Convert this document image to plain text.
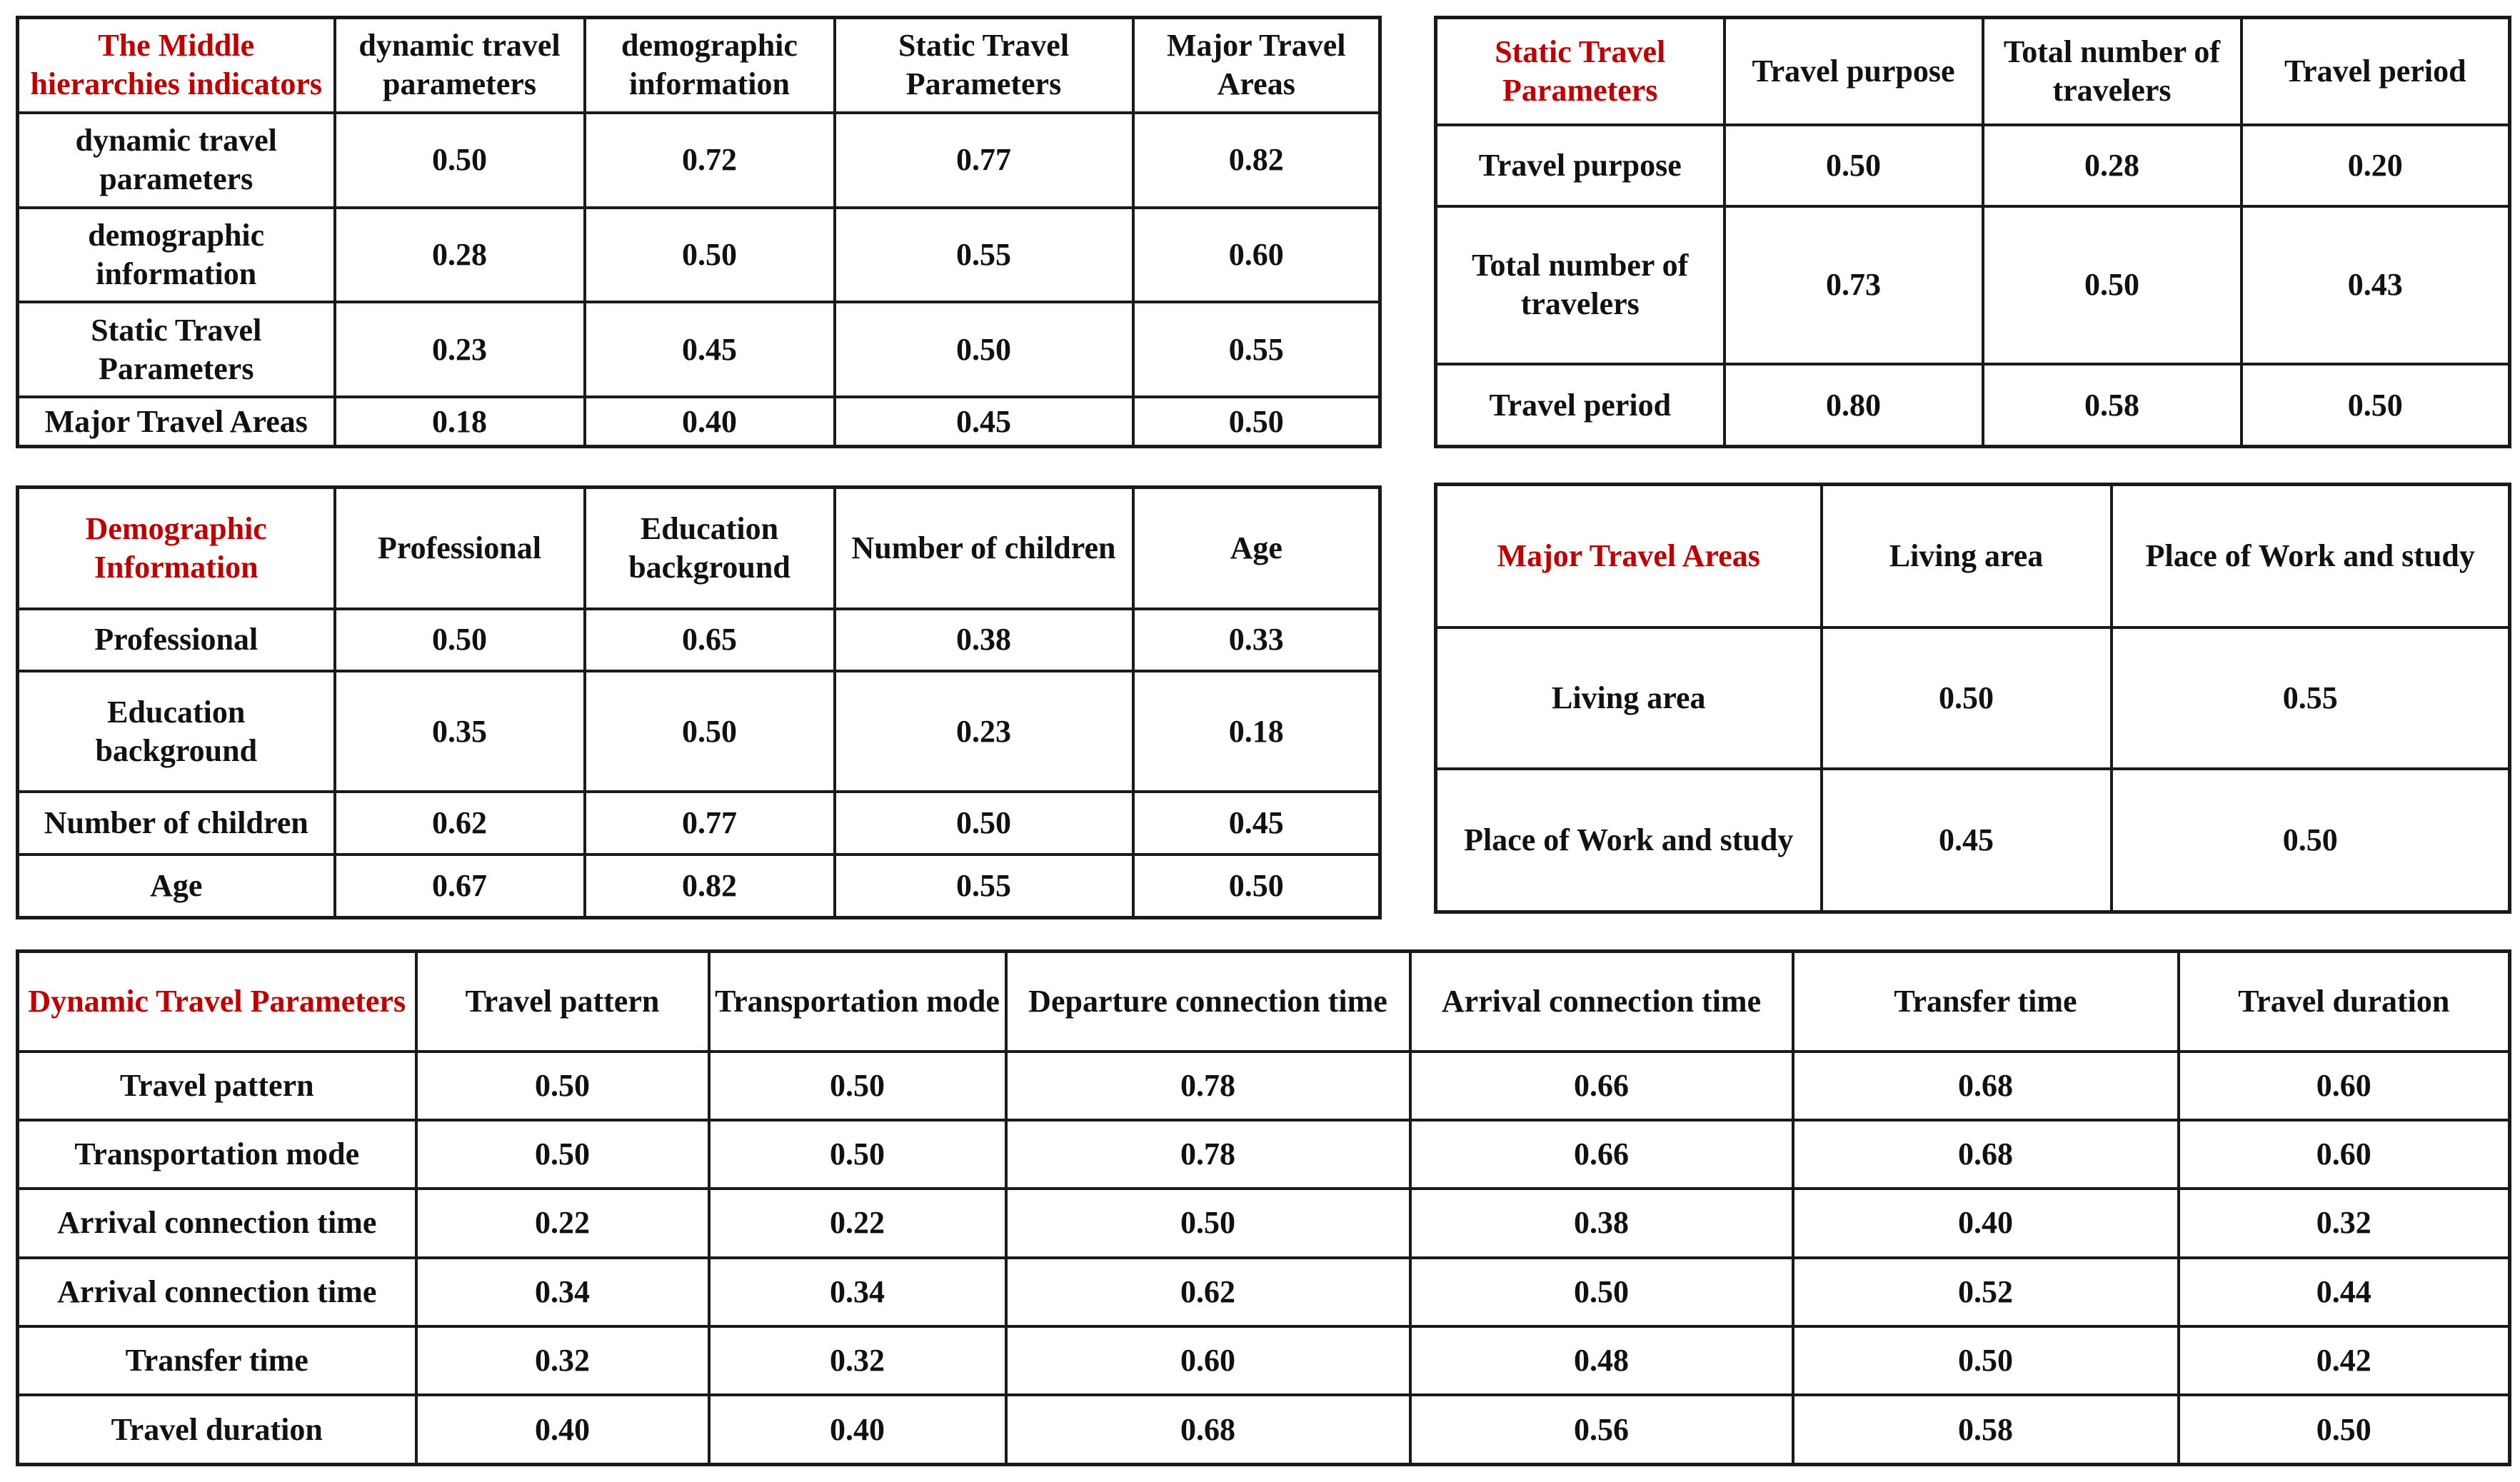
The Middle hierarchies indicators	dynamic travel parameters	demographic information	Static Travel Parameters	Major Travel Areas
dynamic travel parameters	0.50	0.72	0.77	0.82
demographic information	0.28	0.50	0.55	0.60
Static Travel Parameters	0.23	0.45	0.50	0.55
Major Travel Areas	0.18	0.40	0.45	0.50
Static Travel Parameters	Travel purpose	Total number of travelers	Travel period
Travel purpose	0.50	0.28	0.20
Total number of travelers	0.73	0.50	0.43
Travel period	0.80	0.58	0.50
Demographic Information	Professional	Education background	Number of children	Age
Professional	0.50	0.65	0.38	0.33
Education background	0.35	0.50	0.23	0.18
Number of children	0.62	0.77	0.50	0.45
Age	0.67	0.82	0.55	0.50
Major Travel Areas	Living area	Place of Work and study
Living area	0.50	0.55
Place of Work and study	0.45	0.50
Dynamic Travel Parameters	Travel pattern	Transportation mode	Departure connection time	Arrival connection time	Transfer time	Travel duration
Travel pattern	0.50	0.50	0.78	0.66	0.68	0.60
Transportation mode	0.50	0.50	0.78	0.66	0.68	0.60
Arrival connection time	0.22	0.22	0.50	0.38	0.40	0.32
Arrival connection time	0.34	0.34	0.62	0.50	0.52	0.44
Transfer time	0.32	0.32	0.60	0.48	0.50	0.42
Travel duration	0.40	0.40	0.68	0.56	0.58	0.50
